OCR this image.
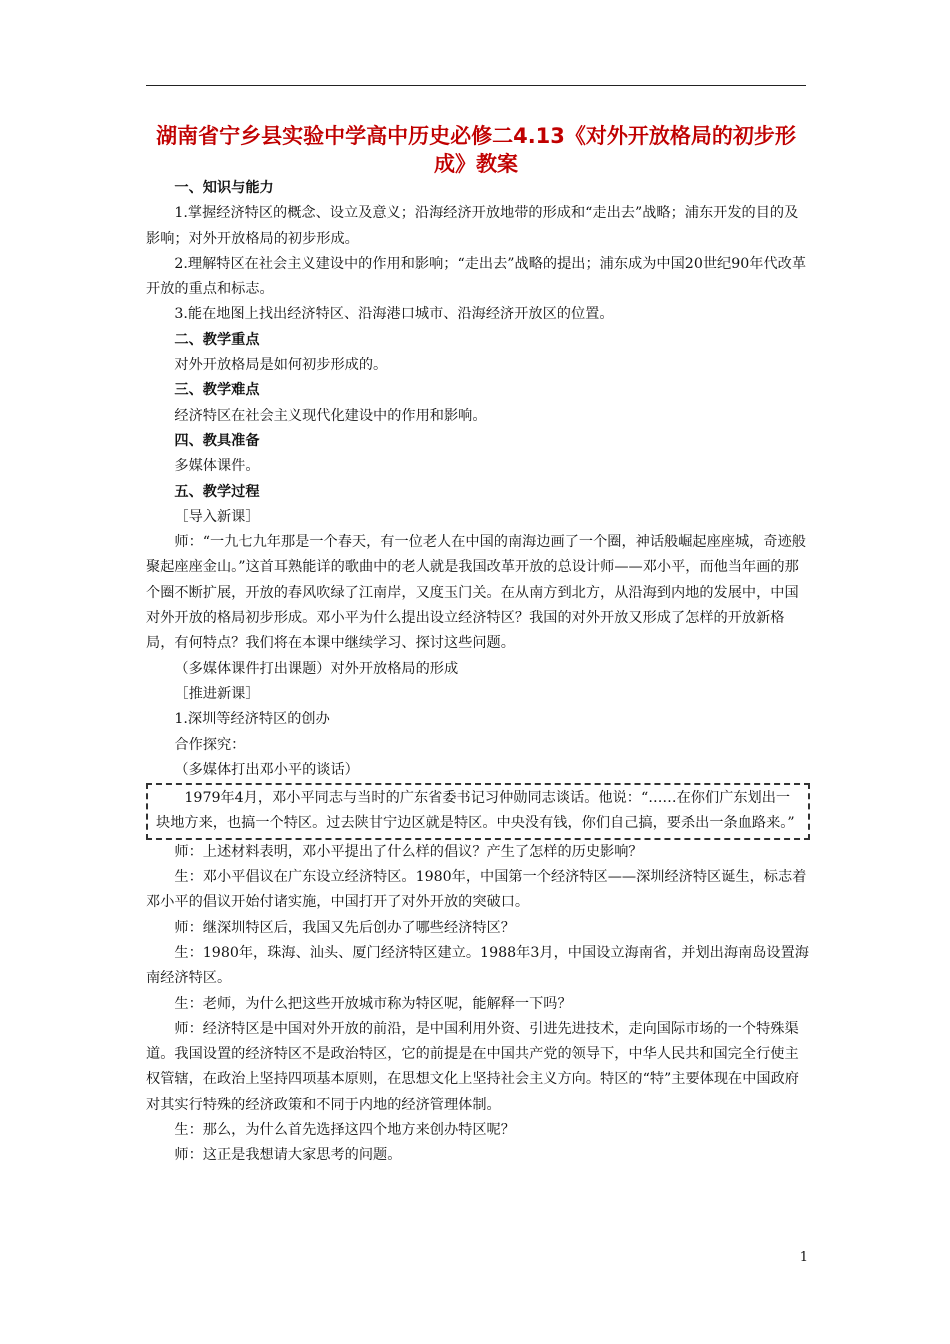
湖南省宁乡县实验中学高中历史必修二4.13《对外开放格局的初步形成》教案

一、知识与能力

1.掌握经济特区的概念、设立及意义；沿海经济开放地带的形成和“走出去”战略；浦东开发的目的及影响；对外开放格局的初步形成。

2.理解特区在社会主义建设中的作用和影响；“走出去”战略的提出；浦东成为中国20世纪90年代改革开放的重点和标志。

3.能在地图上找出经济特区、沿海港口城市、沿海经济开放区的位置。

二、教学重点

对外开放格局是如何初步形成的。

三、教学难点

经济特区在社会主义现代化建设中的作用和影响。

四、教具准备

多媒体课件。

五、教学过程

［导入新课］

师：“一九七九年那是一个春天，有一位老人在中国的南海边画了一个圈，神话般崛起座座城，奇迹般聚起座座金山。”这首耳熟能详的歌曲中的老人就是我国改革开放的总设计师——邓小平，而他当年画的那个圈不断扩展，开放的春风吹绿了江南岸，又度玉门关。在从南方到北方，从沿海到内地的发展中，中国对外开放的格局初步形成。邓小平为什么提出设立经济特区？我国的对外开放又形成了怎样的开放新格局，有何特点？我们将在本课中继续学习、探讨这些问题。

（多媒体课件打出课题）对外开放格局的形成

［推进新课］

1.深圳等经济特区的创办

合作探究：

（多媒体打出邓小平的谈话）

1979年4月，邓小平同志与当时的广东省委书记习仲勋同志谈话。他说：“……在你们广东划出一块地方来，也搞一个特区。过去陕甘宁边区就是特区。中央没有钱，你们自己搞，要杀出一条血路来。”

师：上述材料表明，邓小平提出了什么样的倡议？产生了怎样的历史影响？

生：邓小平倡议在广东设立经济特区。1980年，中国第一个经济特区——深圳经济特区诞生，标志着邓小平的倡议开始付诸实施，中国打开了对外开放的突破口。

师：继深圳特区后，我国又先后创办了哪些经济特区？

生：1980年，珠海、汕头、厦门经济特区建立。1988年3月，中国设立海南省，并划出海南岛设置海南经济特区。

生：老师，为什么把这些开放城市称为特区呢，能解释一下吗？

师：经济特区是中国对外开放的前沿，是中国利用外资、引进先进技术，走向国际市场的一个特殊渠道。我国设置的经济特区不是政治特区，它的前提是在中国共产党的领导下，中华人民共和国完全行使主权管辖，在政治上坚持四项基本原则，在思想文化上坚持社会主义方向。特区的“特”主要体现在中国政府对其实行特殊的经济政策和不同于内地的经济管理体制。

生：那么，为什么首先选择这四个地方来创办特区呢？

师：这正是我想请大家思考的问题。

1
